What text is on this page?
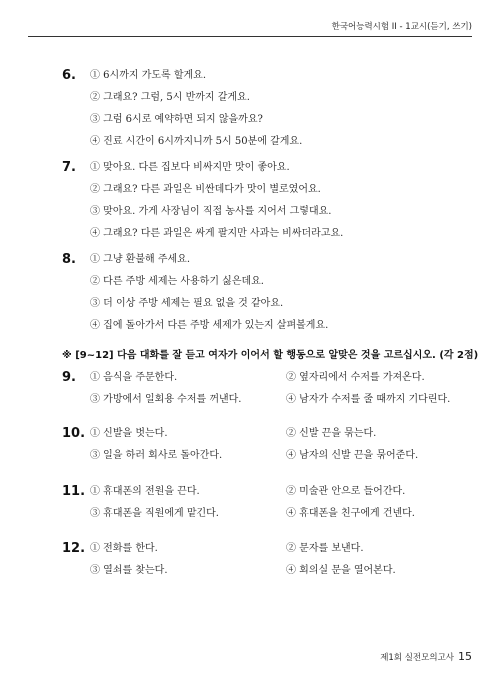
한국어능력시험 II - 1교시(듣기, 쓰기)
6. ① 6시까지 가도록 할게요.
② 그래요? 그럼, 5시 반까지 갈게요.
③ 그럼 6시로 예약하면 되지 않을까요?
④ 진료 시간이 6시까지니까 5시 50분에 갈게요.
7. ① 맞아요. 다른 집보다 비싸지만 맛이 좋아요.
② 그래요? 다른 과일은 비싼데다가 맛이 별로였어요.
③ 맞아요. 가게 사장님이 직접 농사를 지어서 그렇대요.
④ 그래요? 다른 과일은 싸게 팔지만 사과는 비싸더라고요.
8. ① 그냥 환불해 주세요.
② 다른 주방 세제는 사용하기 싫은데요.
③ 더 이상 주방 세제는 필요 없을 것 같아요.
④ 집에 돌아가서 다른 주방 세제가 있는지 살펴볼게요.
※ [9~12] 다음 대화를 잘 듣고 여자가 이어서 할 행동으로 알맞은 것을 고르십시오. (각 2점)
9. ① 음식을 주문한다.	② 옆자리에서 수저를 가져온다.
③ 가방에서 일회용 수저를 꺼낸다.	④ 남자가 수저를 줄 때까지 기다린다.
10. ① 신발을 벗는다.	② 신발 끈을 묶는다.
③ 일을 하러 회사로 돌아간다.	④ 남자의 신발 끈을 묶어준다.
11. ① 휴대폰의 전원을 끈다.	② 미술관 안으로 들어간다.
③ 휴대폰을 직원에게 맡긴다.	④ 휴대폰을 친구에게 건넨다.
12. ① 전화를 한다.	② 문자를 보낸다.
③ 열쇠를 찾는다.	④ 회의실 문을 열어본다.
제1회 실전모의고사 15
